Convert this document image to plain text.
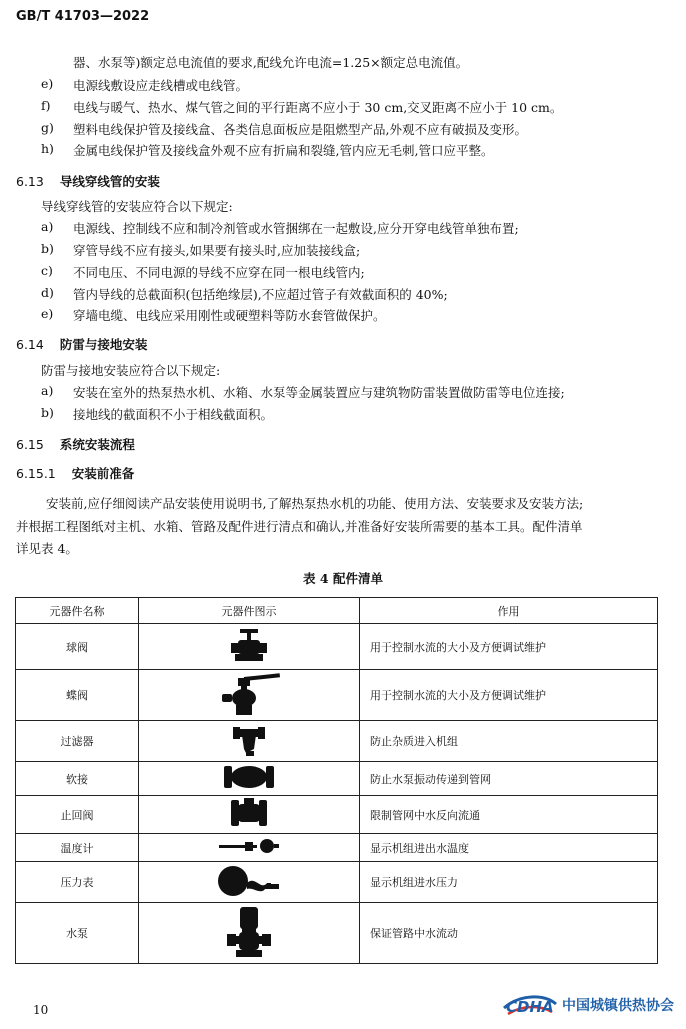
GB/T 41703—2022
器、水泵等)额定总电流值的要求,配线允许电流=1.25×额定总电流值。
e) 电源线敷设应走线槽或电线管。
f) 电线与暖气、热水、煤气管之间的平行距离不应小于 30 cm,交叉距离不应小于 10 cm。
g) 塑料电线保护管及接线盒、各类信息面板应是阻燃型产品,外观不应有破损及变形。
h) 金属电线保护管及接线盒外观不应有折扁和裂缝,管内应无毛刺,管口应平整。
6.13 导线穿线管的安装
导线穿线管的安装应符合以下规定:
a) 电源线、控制线不应和制冷剂管或水管捆绑在一起敷设,应分开穿电线管单独布置;
b) 穿管导线不应有接头,如果要有接头时,应加装接线盒;
c) 不同电压、不同电源的导线不应穿在同一根电线管内;
d) 管内导线的总截面积(包括绝缘层),不应超过管子有效截面积的 40%;
e) 穿墙电缆、电线应采用刚性或硬塑料等防水套管做保护。
6.14 防雷与接地安装
防雷与接地安装应符合以下规定:
a) 安装在室外的热泵热水机、水箱、水泵等金属装置应与建筑物防雷装置做防雷等电位连接;
b) 接地线的截面积不小于相线截面积。
6.15 系统安装流程
6.15.1 安装前准备
安装前,应仔细阅读产品安装使用说明书,了解热泵热水机的功能、使用方法、安装要求及安装方法;
并根据工程图纸对主机、水箱、管路及配件进行清点和确认,并准备好安装所需要的基本工具。配件清单
详见表 4。
表 4 配件清单
元器件名称	元器件图示	作用
球阀		用于控制水流的大小及方便调试维护
蝶阀		用于控制水流的大小及方便调试维护
过滤器		防止杂质进入机组
软接		防止水泵振动传递到管网
止回阀		限制管网中水反向流通
温度计		显示机组进出水温度
压力表		显示机组进水压力
水泵		保证管路中水流动
10	CDHA 中国城镇供热协会
